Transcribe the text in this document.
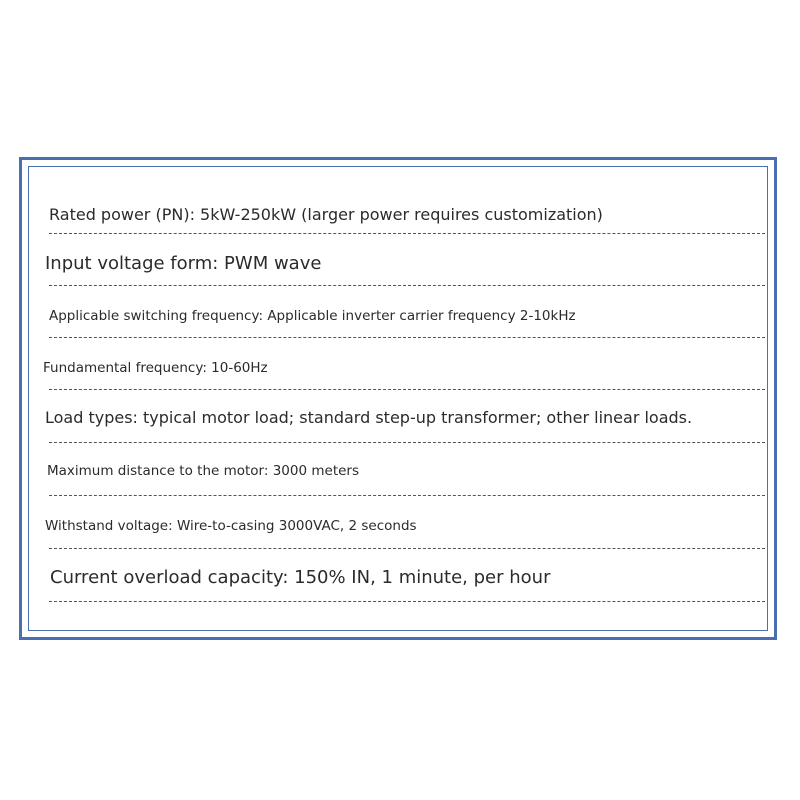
Rated power (PN): 5kW-250kW (larger power requires customization)
Input voltage form: PWM wave
Applicable switching frequency: Applicable inverter carrier frequency 2-10kHz
Fundamental frequency: 10-60Hz
Load types: typical motor load; standard step-up transformer; other linear loads.
Maximum distance to the motor: 3000 meters
Withstand voltage: Wire-to-casing 3000VAC, 2 seconds
Current overload capacity: 150% IN, 1 minute, per hour
